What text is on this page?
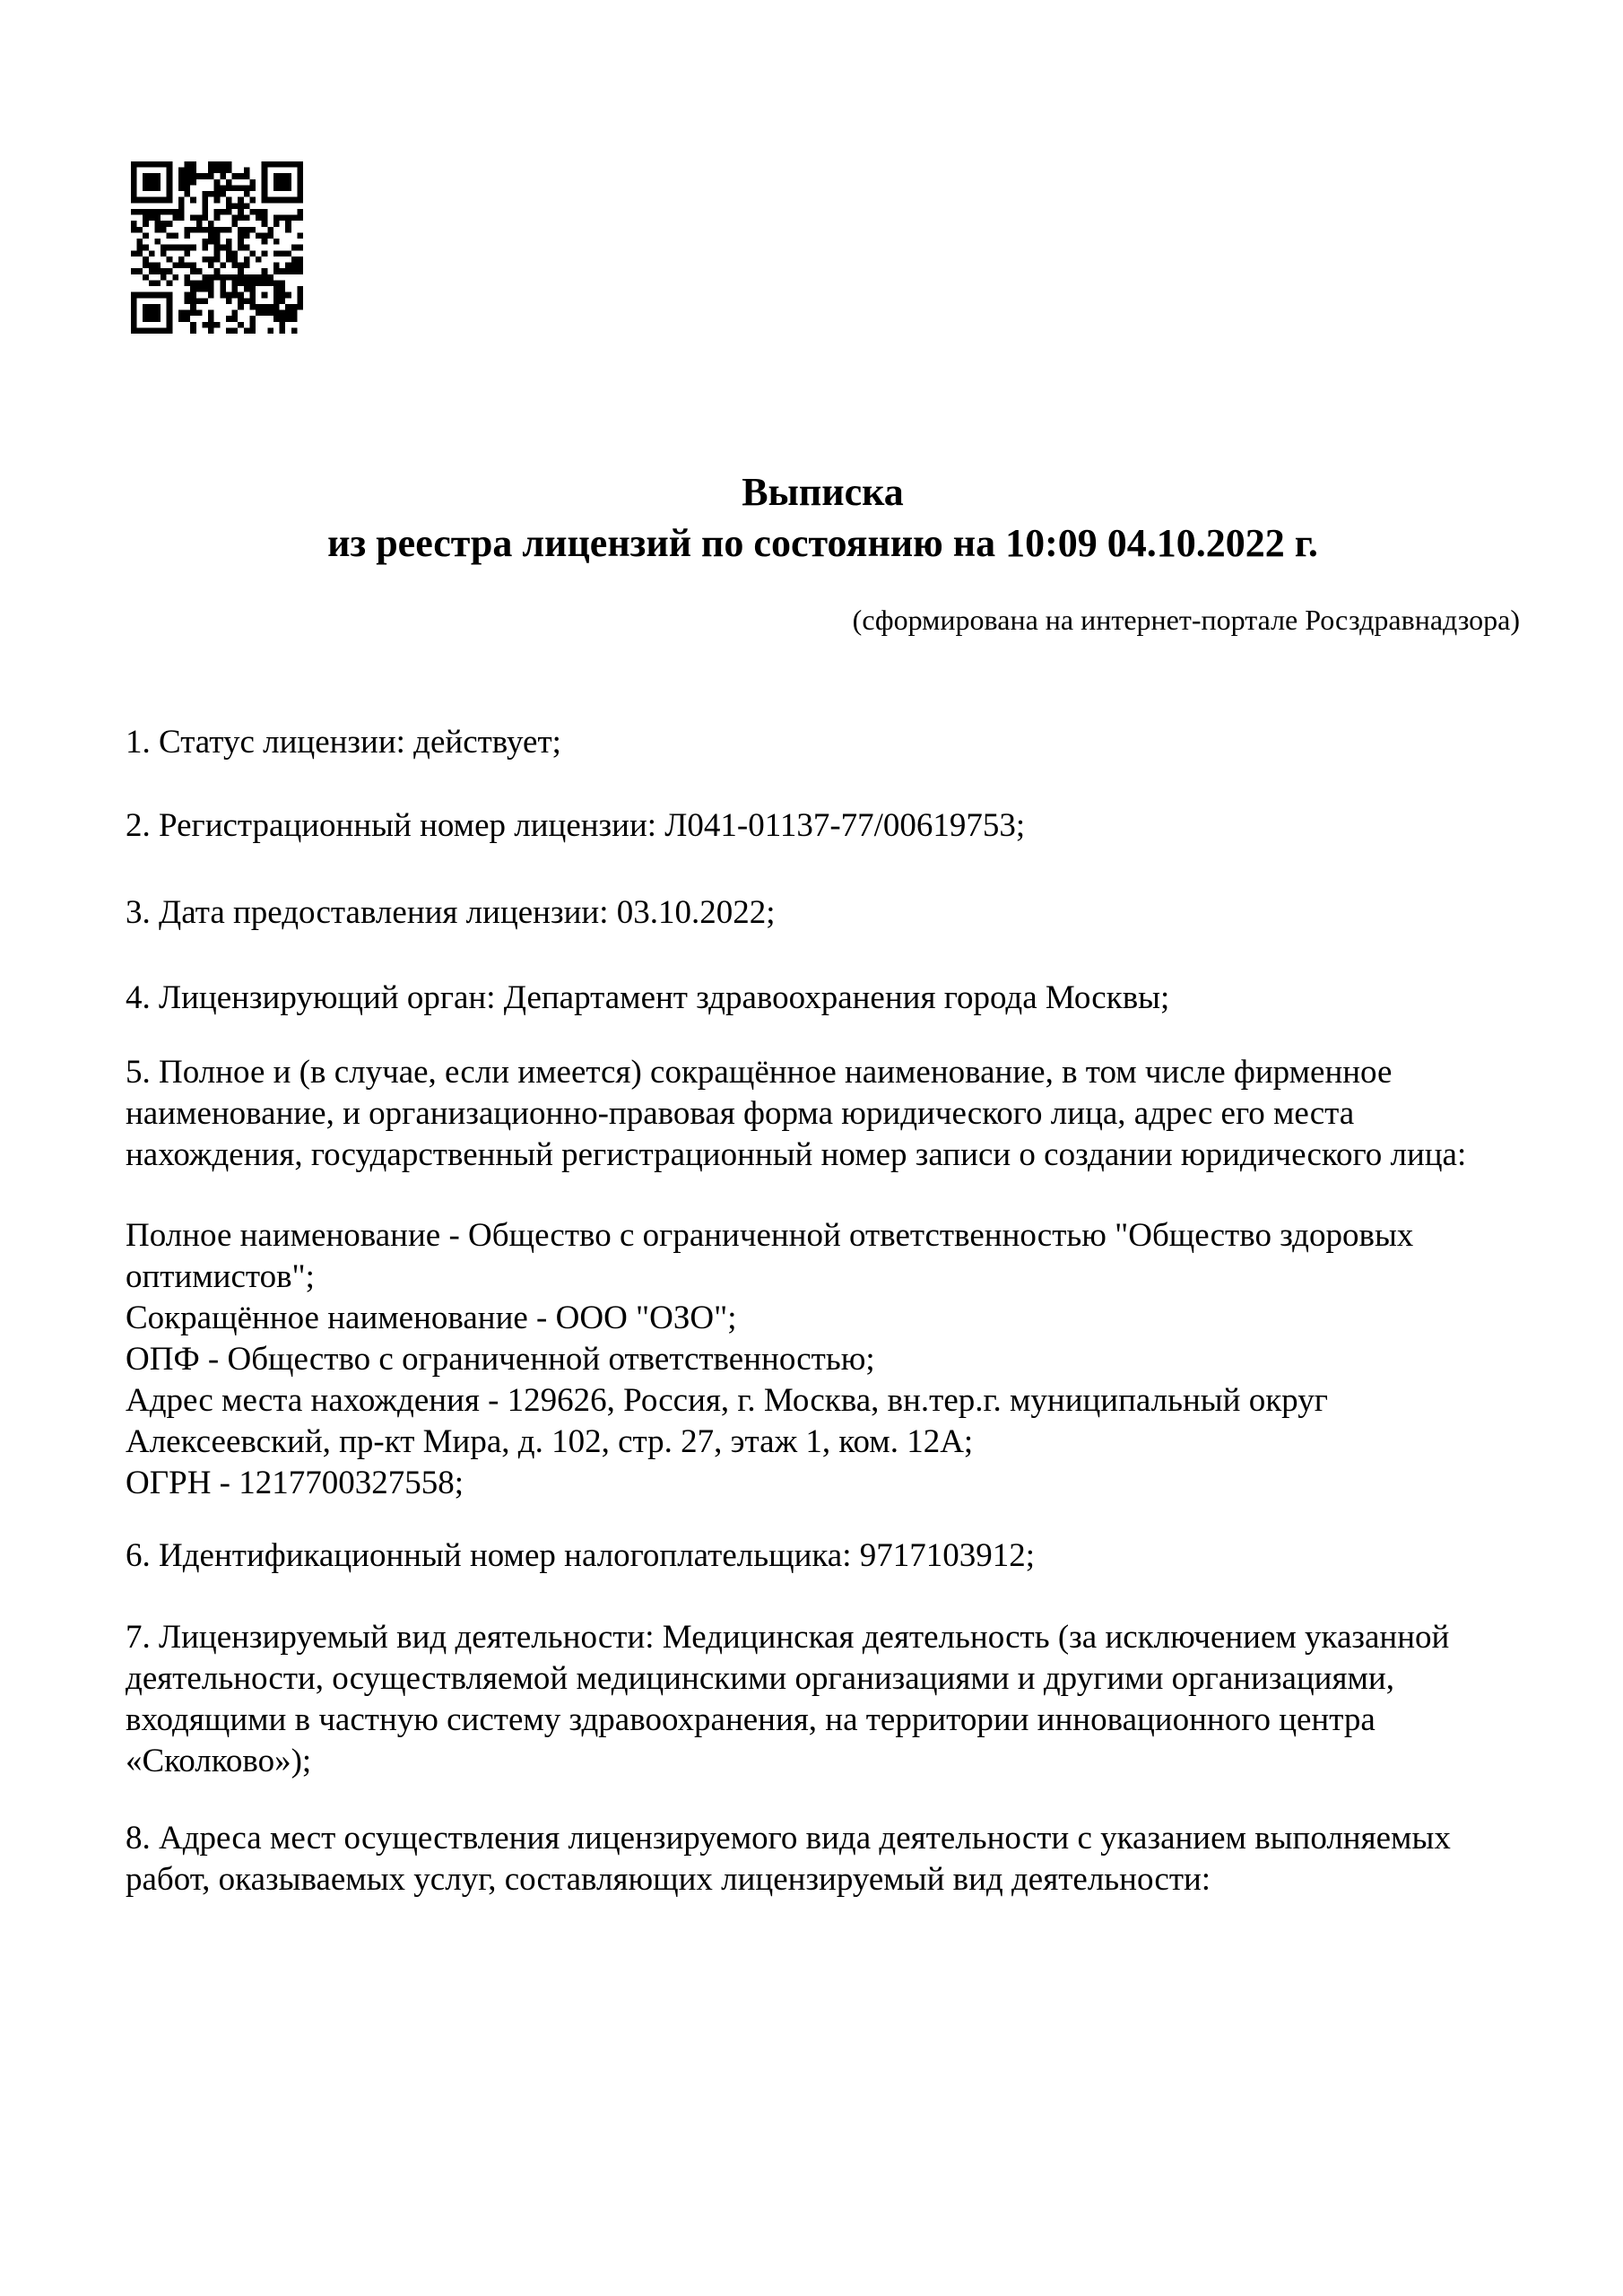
Выписка
из реестра лицензий по состоянию на 10:09 04.10.2022 г.
(сформирована на интернет-портале Росздравнадзора)

1. Статус лицензии: действует;

2. Регистрационный номер лицензии: Л041-01137-77/00619753;

3. Дата предоставления лицензии: 03.10.2022;

4. Лицензирующий орган: Департамент здравоохранения города Москвы;

5. Полное и (в случае, если имеется) сокращённое наименование, в том числе фирменное наименование, и организационно-правовая форма юридического лица, адрес его места нахождения, государственный регистрационный номер записи о создании юридического лица:

Полное наименование - Общество с ограниченной ответственностью "Общество здоровых оптимистов";
Сокращённое наименование - ООО "ОЗО";
ОПФ - Общество с ограниченной ответственностью;
Адрес места нахождения - 129626, Россия, г. Москва, вн.тер.г. муниципальный округ Алексеевский, пр-кт Мира, д. 102, стр. 27, этаж 1, ком. 12А;
ОГРН - 1217700327558;

6. Идентификационный номер налогоплательщика: 9717103912;

7. Лицензируемый вид деятельности: Медицинская деятельность (за исключением указанной деятельности, осуществляемой медицинскими организациями и другими организациями, входящими в частную систему здравоохранения, на территории инновационного центра «Сколково»);

8. Адреса мест осуществления лицензируемого вида деятельности с указанием выполняемых работ, оказываемых услуг, составляющих лицензируемый вид деятельности:
